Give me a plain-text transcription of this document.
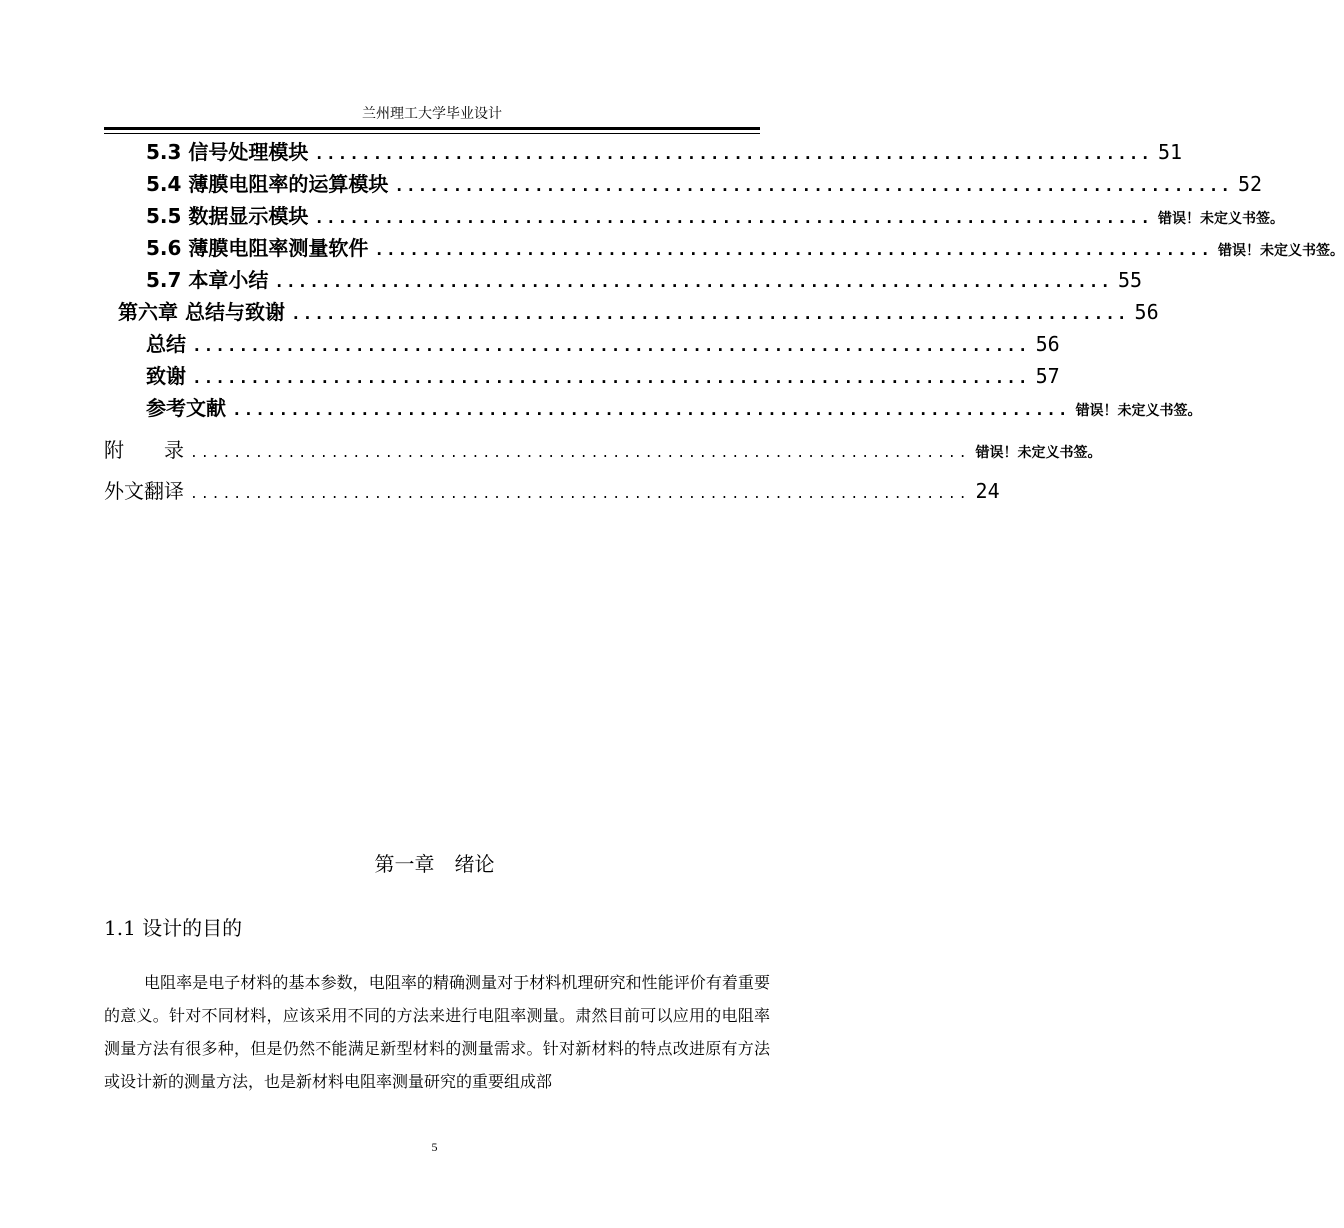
兰州理工大学毕业设计
5.3 信号处理模块 ........................................................................ 51
5.4 薄膜电阻率的运算模块 ........................................................................ 52
5.5 数据显示模块 ........................................................................ 错误！未定义书签。
5.6 薄膜电阻率测量软件 ........................................................................ 错误！未定义书签。
5.7 本章小结 ........................................................................ 55
第六章 总结与致谢 ........................................................................ 56
总结 ........................................................................ 56
致谢 ........................................................................ 57
参考文献 ........................................................................ 错误！未定义书签。
附　　录 ........................................................................ 错误！未定义书签。
外文翻译 ........................................................................ 24
第一章　绪论
1.1 设计的目的
电阻率是电子材料的基本参数，电阻率的精确测量对于材料机理研究和性能评价有着重要的意义。针对不同材料，应该采用不同的方法来进行电阻率测量。肃然目前可以应用的电阻率测量方法有很多种，但是仍然不能满足新型材料的测量需求。针对新材料的特点改进原有方法或设计新的测量方法，也是新材料电阻率测量研究的重要组成部
5
